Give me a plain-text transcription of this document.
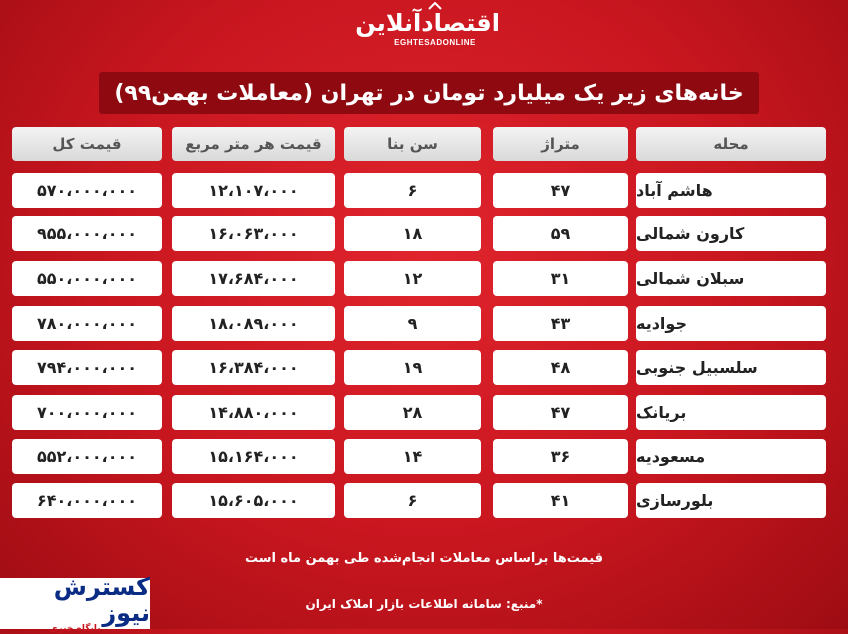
اقتصادآنلاین
EGHTESADONLINE
خانه‌های زیر یک میلیارد تومان در تهران (معاملات بهمن۹۹)
محله
متراژ
سن بنا
قیمت هر متر مربع
قیمت کل
هاشم آباد
۴۷
۶
۱۲،۱۰۷،۰۰۰
۵۷۰،۰۰۰،۰۰۰
کارون شمالی
۵۹
۱۸
۱۶،۰۶۳،۰۰۰
۹۵۵،۰۰۰،۰۰۰
سبلان شمالی
۳۱
۱۲
۱۷،۶۸۴،۰۰۰
۵۵۰،۰۰۰،۰۰۰
جوادیه
۴۳
۹
۱۸،۰۸۹،۰۰۰
۷۸۰،۰۰۰،۰۰۰
سلسبیل جنوبی
۴۸
۱۹
۱۶،۳۸۴،۰۰۰
۷۹۴،۰۰۰،۰۰۰
بریانک
۴۷
۲۸
۱۴،۸۸۰،۰۰۰
۷۰۰،۰۰۰،۰۰۰
مسعودیه
۳۶
۱۴
۱۵،۱۶۴،۰۰۰
۵۵۲،۰۰۰،۰۰۰
بلورسازی
۴۱
۶
۱۵،۶۰۵،۰۰۰
۶۴۰،۰۰۰،۰۰۰
قیمت‌ها براساس معاملات انجام‌شده طی بهمن ماه است
*منبع: سامانه اطلاعات بازار املاک ایران
کسترش نیوز
پایگاه خبری
